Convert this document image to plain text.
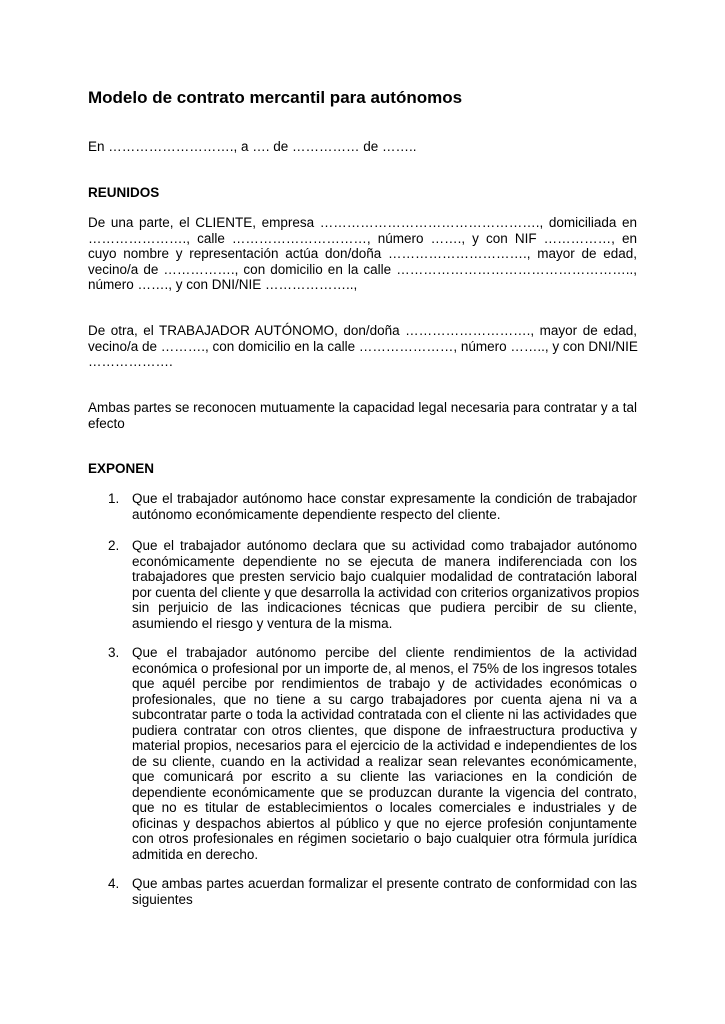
Modelo de contrato mercantil para autónomos
En ………………………., a …. de …………… de ……..
REUNIDOS
De una parte, el CLIENTE, empresa …………………………………………., domiciliada en
…………………., calle …………………………, número ……., y con NIF ……………, en
cuyo nombre y representación actúa don/doña …………………………., mayor de edad,
vecino/a de ……………., con domicilio en la calle ……………………………………………..,
número ……., y con DNI/NIE ………………..,
De otra, el TRABAJADOR AUTÓNOMO, don/doña ………………………., mayor de edad,
vecino/a de ………., con domicilio en la calle …………………, número …….., y con DNI/NIE
……………….
Ambas partes se reconocen mutuamente la capacidad legal necesaria para contratar y a tal
efecto
EXPONEN
1. Que el trabajador autónomo hace constar expresamente la condición de trabajador
autónomo económicamente dependiente respecto del cliente.
2. Que el trabajador autónomo declara que su actividad como trabajador autónomo
económicamente dependiente no se ejecuta de manera indiferenciada con los
trabajadores que presten servicio bajo cualquier modalidad de contratación laboral
por cuenta del cliente y que desarrolla la actividad con criterios organizativos propios
sin perjuicio de las indicaciones técnicas que pudiera percibir de su cliente,
asumiendo el riesgo y ventura de la misma.
3. Que el trabajador autónomo percibe del cliente rendimientos de la actividad
económica o profesional por un importe de, al menos, el 75% de los ingresos totales
que aquél percibe por rendimientos de trabajo y de actividades económicas o
profesionales, que no tiene a su cargo trabajadores por cuenta ajena ni va a
subcontratar parte o toda la actividad contratada con el cliente ni las actividades que
pudiera contratar con otros clientes, que dispone de infraestructura productiva y
material propios, necesarios para el ejercicio de la actividad e independientes de los
de su cliente, cuando en la actividad a realizar sean relevantes económicamente,
que comunicará por escrito a su cliente las variaciones en la condición de
dependiente económicamente que se produzcan durante la vigencia del contrato,
que no es titular de establecimientos o locales comerciales e industriales y de
oficinas y despachos abiertos al público y que no ejerce profesión conjuntamente
con otros profesionales en régimen societario o bajo cualquier otra fórmula jurídica
admitida en derecho.
4. Que ambas partes acuerdan formalizar el presente contrato de conformidad con las
siguientes
